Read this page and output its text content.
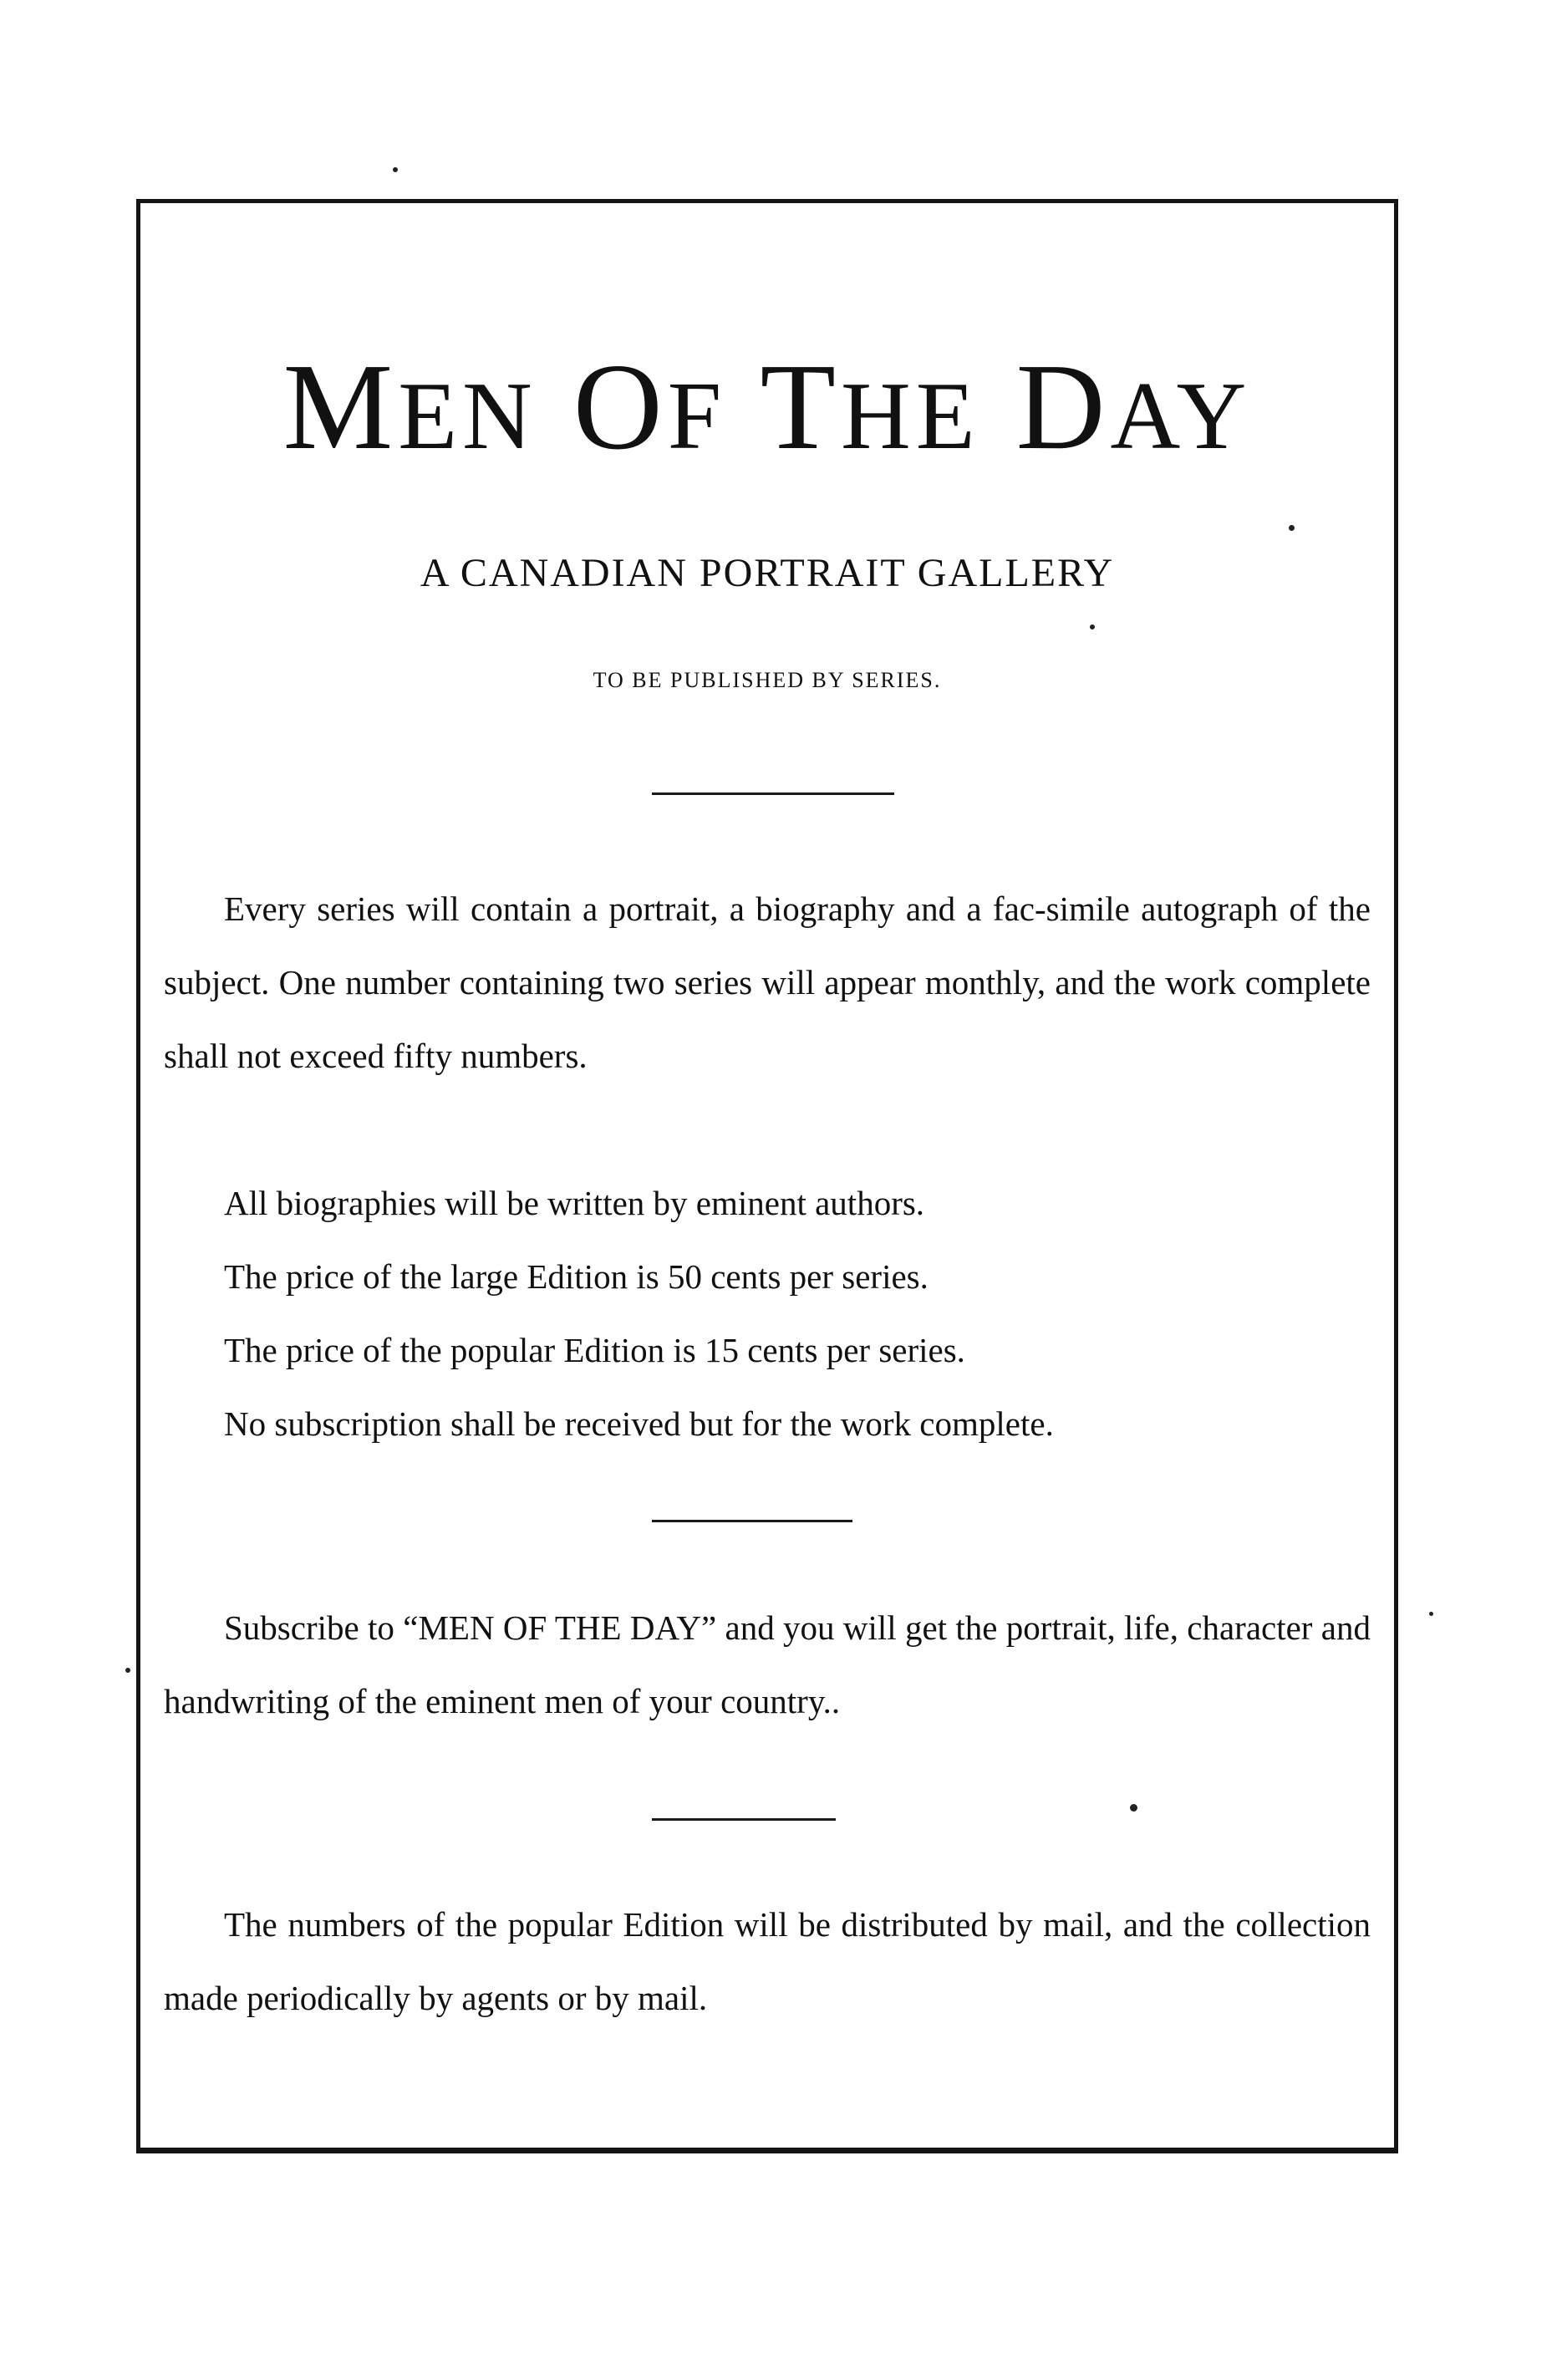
MEN OF THE DAY

A CANADIAN PORTRAIT GALLERY

TO BE PUBLISHED BY SERIES.

Every series will contain a portrait, a biography and a fac-simile autograph of the subject. One number containing two series will appear monthly, and the work complete shall not exceed fifty numbers.

All biographies will be written by eminent authors.

The price of the large Edition is 50 cents per series.

The price of the popular Edition is 15 cents per series.

No subscription shall be received but for the work complete.

Subscribe to “MEN OF THE DAY” and you will get the portrait, life, character and handwriting of the eminent men of your country..

The numbers of the popular Edition will be distributed by mail, and the collection made periodically by agents or by mail.
